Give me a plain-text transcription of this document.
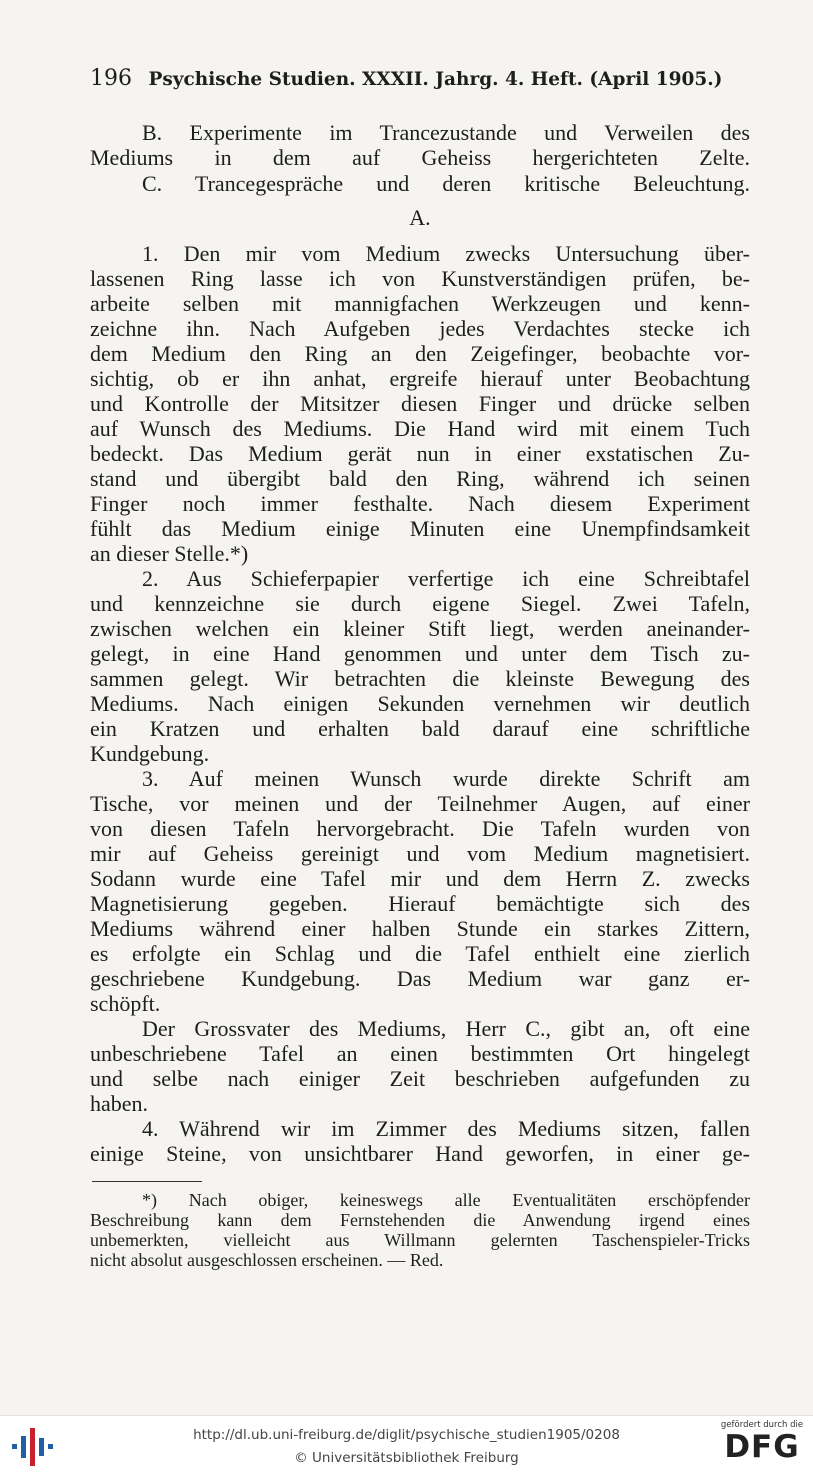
196 Psychische Studien. XXXII. Jahrg. 4. Heft. (April 1905.)
B. Experimente im Trancezustande und Verweilen des
Mediums in dem auf Geheiss hergerichteten Zelte.
C. Trancegespräche und deren kritische Beleuchtung.
A.
1. Den mir vom Medium zwecks Untersuchung über-
lassenen Ring lasse ich von Kunstverständigen prüfen, be-
arbeite selben mit mannigfachen Werkzeugen und kenn-
zeichne ihn. Nach Aufgeben jedes Verdachtes stecke ich
dem Medium den Ring an den Zeigefinger, beobachte vor-
sichtig, ob er ihn anhat, ergreife hierauf unter Beobachtung
und Kontrolle der Mitsitzer diesen Finger und drücke selben
auf Wunsch des Mediums. Die Hand wird mit einem Tuch
bedeckt. Das Medium gerät nun in einer exstatischen Zu-
stand und übergibt bald den Ring, während ich seinen
Finger noch immer festhalte. Nach diesem Experiment
fühlt das Medium einige Minuten eine Unempfindsamkeit
an dieser Stelle.*)
2. Aus Schieferpapier verfertige ich eine Schreibtafel
und kennzeichne sie durch eigene Siegel. Zwei Tafeln,
zwischen welchen ein kleiner Stift liegt, werden aneinander-
gelegt, in eine Hand genommen und unter dem Tisch zu-
sammen gelegt. Wir betrachten die kleinste Bewegung des
Mediums. Nach einigen Sekunden vernehmen wir deutlich
ein Kratzen und erhalten bald darauf eine schriftliche
Kundgebung.
3. Auf meinen Wunsch wurde direkte Schrift am
Tische, vor meinen und der Teilnehmer Augen, auf einer
von diesen Tafeln hervorgebracht. Die Tafeln wurden von
mir auf Geheiss gereinigt und vom Medium magnetisiert.
Sodann wurde eine Tafel mir und dem Herrn Z. zwecks
Magnetisierung gegeben. Hierauf bemächtigte sich des
Mediums während einer halben Stunde ein starkes Zittern,
es erfolgte ein Schlag und die Tafel enthielt eine zierlich
geschriebene Kundgebung. Das Medium war ganz er-
schöpft.
Der Grossvater des Mediums, Herr C., gibt an, oft eine
unbeschriebene Tafel an einen bestimmten Ort hingelegt
und selbe nach einiger Zeit beschrieben aufgefunden zu
haben.
4. Während wir im Zimmer des Mediums sitzen, fallen
einige Steine, von unsichtbarer Hand geworfen, in einer ge-
*) Nach obiger, keineswegs alle Eventualitäten erschöpfender
Beschreibung kann dem Fernstehenden die Anwendung irgend eines
unbemerkten, vielleicht aus Willmann gelernten Taschenspieler-Tricks
nicht absolut ausgeschlossen erscheinen. — Red.
http://dl.ub.uni-freiburg.de/diglit/psychische_studien1905/0208
© Universitätsbibliothek Freiburg
gefördert durch die
DFG
